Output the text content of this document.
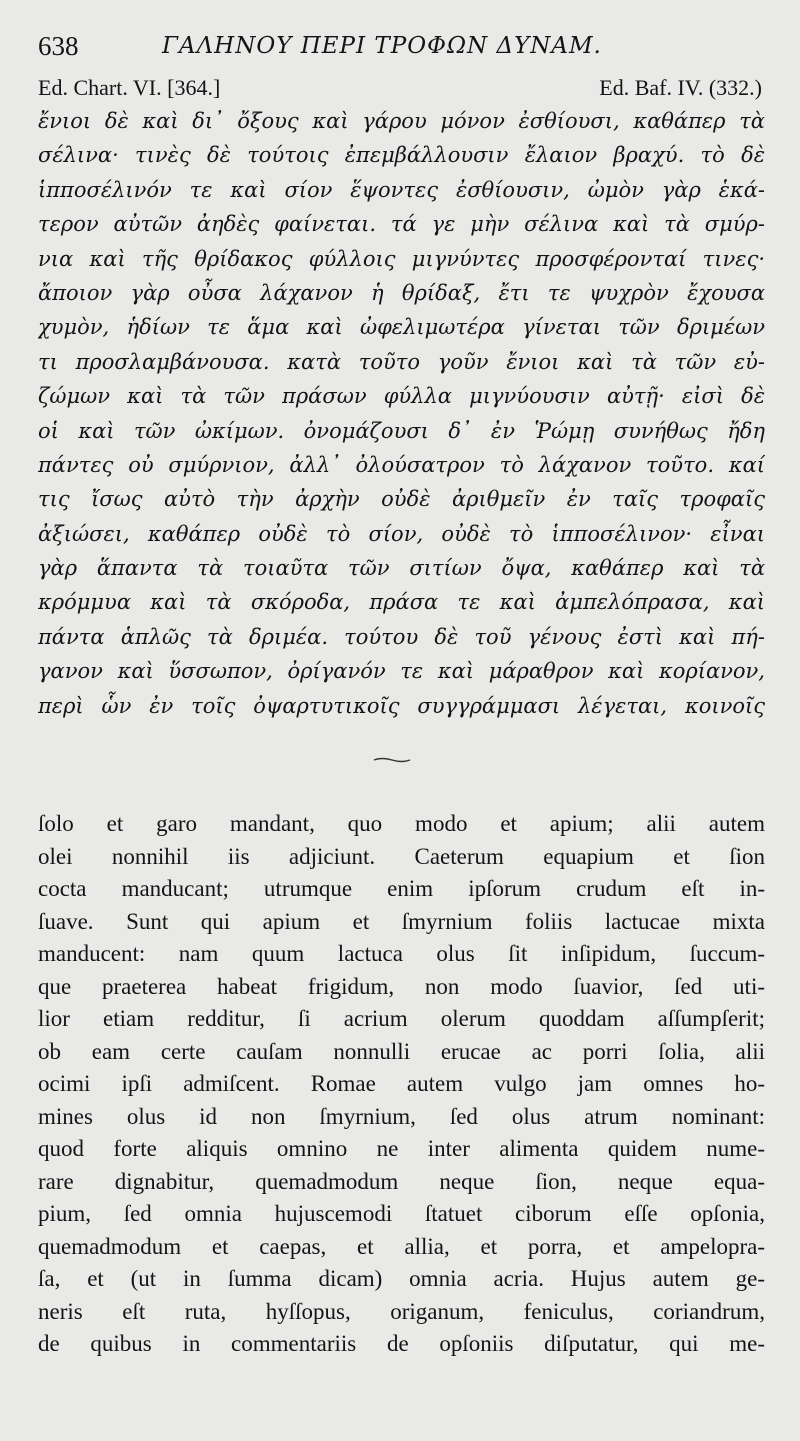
638	ΓΑΛΗΝΟΥ ΠΕΡΙ ΤΡΟΦΩΝ ΔΥΝΑΜ.
Ed. Chart. VI. [364.]	Ed. Baf. IV. (332.)
ἔνιοι δὲ καὶ δι᾽ ὄξους καὶ γάρου μόνον ἐσθίουσι, καθάπερ τὰ
σέλινα· τινὲς δὲ τούτοις ἐπεμβάλλουσιν ἔλαιον βραχύ. τὸ δὲ
ἱπποσέλινόν τε καὶ σίον ἕψοντες ἐσθίουσιν, ὠμὸν γὰρ ἑκά-
τερον αὐτῶν ἀηδὲς φαίνεται. τά γε μὴν σέλινα καὶ τὰ σμύρ-
νια καὶ τῆς θρίδακος φύλλοις μιγνύντες προσφέρονταί τινες·
ἄποιον γὰρ οὖσα λάχανον ἡ θρίδαξ, ἔτι τε ψυχρὸν ἔχουσα
χυμὸν, ἡδίων τε ἅμα καὶ ὠφελιμωτέρα γίνεται τῶν δριμέων
τι προσλαμβάνουσα. κατὰ τοῦτο γοῦν ἔνιοι καὶ τὰ τῶν εὐ-
ζώμων καὶ τὰ τῶν πράσων φύλλα μιγνύουσιν αὐτῇ· εἰσὶ δὲ
οἱ καὶ τῶν ὠκίμων. ὀνομάζουσι δ᾽ ἐν Ῥώμῃ συνήθως ἤδη
πάντες οὐ σμύρνιον, ἀλλ᾽ ὀλούσατρον τὸ λάχανον τοῦτο. καί
τις ἴσως αὐτὸ τὴν ἀρχὴν οὐδὲ ἀριθμεῖν ἐν ταῖς τροφαῖς
ἀξιώσει, καθάπερ οὐδὲ τὸ σίον, οὐδὲ τὸ ἱπποσέλινον· εἶναι
γὰρ ἅπαντα τὰ τοιαῦτα τῶν σιτίων ὄψα, καθάπερ καὶ τὰ
κρόμμυα καὶ τὰ σκόροδα, πράσα τε καὶ ἀμπελόπρασα, καὶ
πάντα ἁπλῶς τὰ δριμέα. τούτου δὲ τοῦ γένους ἐστὶ καὶ πή-
γανον καὶ ὕσσωπον, ὀρίγανόν τε καὶ μάραθρον καὶ κορίανον,
περὶ ὧν ἐν τοῖς ὀψαρτυτικοῖς συγγράμμασι λέγεται, κοινοῖς
ſolo et garo mandant, quo modo et apium; alii autem
olei nonnihil iis adjiciunt. Caeterum equapium et ſion
cocta manducant; utrumque enim ipſorum crudum eſt in-
ſuave. Sunt qui apium et ſmyrnium foliis lactucae mixta
manducent: nam quum lactuca olus ſit inſipidum, ſuccum-
que praeterea habeat frigidum, non modo ſuavior, ſed uti-
lior etiam redditur, ſi acrium olerum quoddam aſſumpſerit;
ob eam certe cauſam nonnulli erucae ac porri ſolia, alii
ocimi ipſi admiſcent. Romae autem vulgo jam omnes ho-
mines olus id non ſmyrnium, ſed olus atrum nominant:
quod forte aliquis omnino ne inter alimenta quidem nume-
rare dignabitur, quemadmodum neque ſion, neque equa-
pium, ſed omnia hujuscemodi ſtatuet ciborum eſſe opſonia,
quemadmodum et caepas, et allia, et porra, et ampelopra-
ſa, et (ut in ſumma dicam) omnia acria. Hujus autem ge-
neris eſt ruta, hyſſopus, origanum, feniculus, coriandrum,
de quibus in commentariis de opſoniis diſputatur, qui me-
